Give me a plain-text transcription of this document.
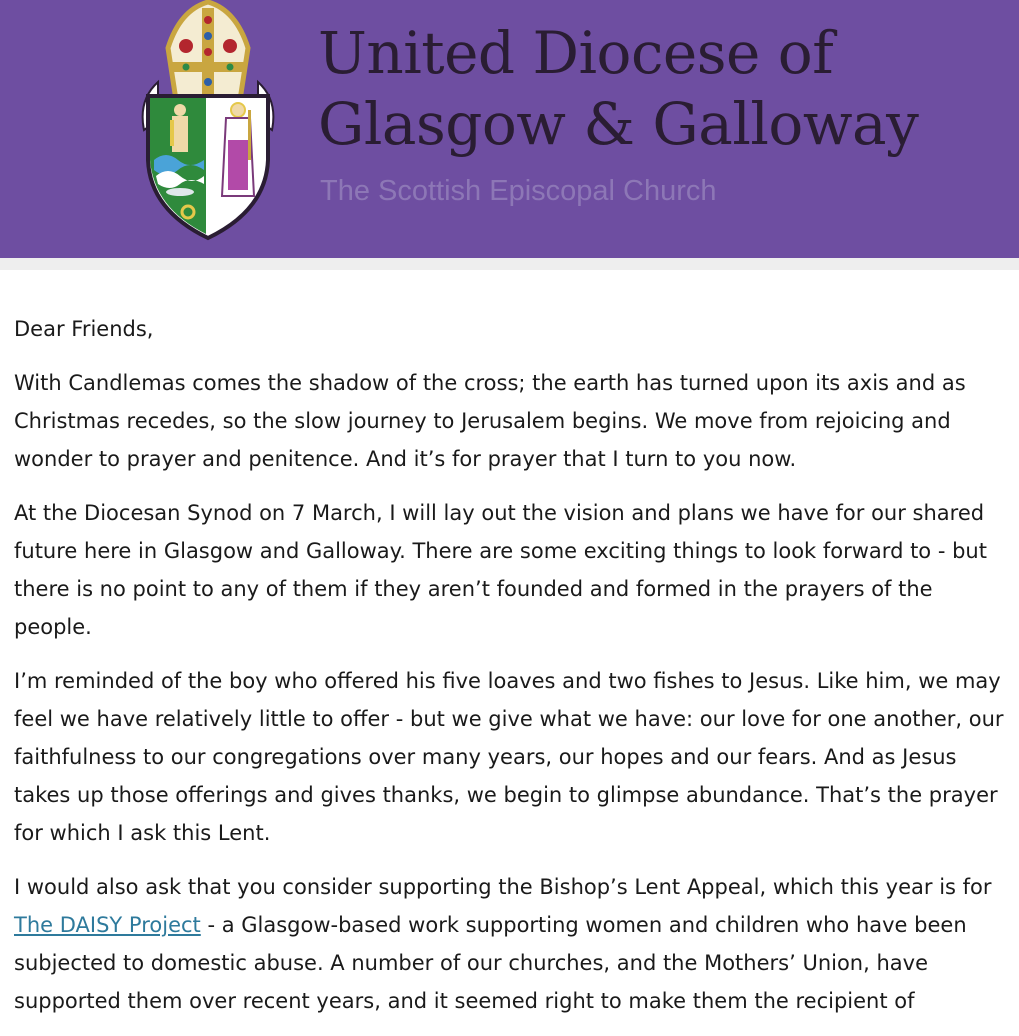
United Diocese of
Glasgow & Galloway
The Scottish Episcopal Church

Dear Friends,

With Candlemas comes the shadow of the cross; the earth has turned upon its axis and as Christmas recedes, so the slow journey to Jerusalem begins. We move from rejoicing and wonder to prayer and penitence. And it’s for prayer that I turn to you now.

At the Diocesan Synod on 7 March, I will lay out the vision and plans we have for our shared future here in Glasgow and Galloway. There are some exciting things to look forward to - but there is no point to any of them if they aren’t founded and formed in the prayers of the people.

I’m reminded of the boy who offered his five loaves and two fishes to Jesus. Like him, we may feel we have relatively little to offer - but we give what we have: our love for one another, our faithfulness to our congregations over many years, our hopes and our fears. And as Jesus takes up those offerings and gives thanks, we begin to glimpse abundance. That’s the prayer for which I ask this Lent.

I would also ask that you consider supporting the Bishop’s Lent Appeal, which this year is for The DAISY Project - a Glasgow-based work supporting women and children who have been subjected to domestic abuse. A number of our churches, and the Mothers’ Union, have supported them over recent years, and it seemed right to make them the recipient of
